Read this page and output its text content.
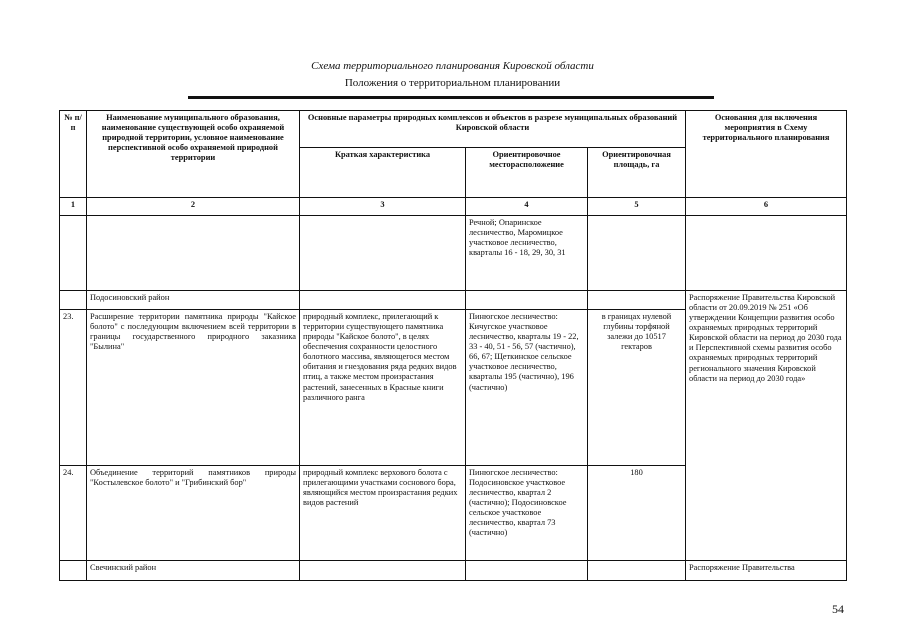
Схема территориального планирования Кировской области
Положения о территориальном планировании
№ п/п	Наименование муниципального образования, наименование существующей особо охраняемой природной территории, условное наименование перспективной особо охраняемой природной территории	Основные параметры природных комплексов и объектов в разрезе муниципальных образований Кировской области			Основания для включения мероприятия в Схему территориального планирования
		Краткая характеристика	Ориентировочное месторасположение	Ориентировочная площадь, га	
1	2	3	4	5	6
			Речной; Опаринское лесничество, Маромицкое участковое лесничество, кварталы 16 - 18, 29, 30, 31		
	Подосиновский район				Распоряжение Правительства Кировской области от 20.09.2019 № 251 «Об утверждении Концепции развития особо охраняемых природных территорий Кировской области на период до 2030 года и Перспективной схемы развития особо охраняемых природных территорий регионального значения Кировской области на период до 2030 года»
23.	Расширение территории памятника природы "Кайское болото" с последующим включением всей территории в границы государственного природного заказника "Былина"	природный комплекс, прилегающий к территории существующего памятника природы "Кайское болото", в целях обеспечения сохранности целостного болотного массива, являющегося местом обитания и гнездования ряда редких видов птиц, а также местом произрастания растений, занесенных в Красные книги различного ранга	Пинюгское лесничество: Кичугское участковое лесничество, кварталы 19 - 22, 33 - 40, 51 - 56, 57 (частично), 66, 67; Щеткинское сельское участковое лесничество, кварталы 195 (частично), 196 (частично)	в границах нулевой глубины торфяной залежи до 10517 гектаров	
24.	Объединение территорий памятников природы "Костылевское болото" и "Грибинский бор"	природный комплекс верхового болота с прилегающими участками соснового бора, являющийся местом произрастания редких видов растений	Пинюгское лесничество: Подосиновское участковое лесничество, квартал 2 (частично); Подосиновское сельское участковое лесничество, квартал 73 (частично)	180	
	Свечинский район				Распоряжение Правительства
54
